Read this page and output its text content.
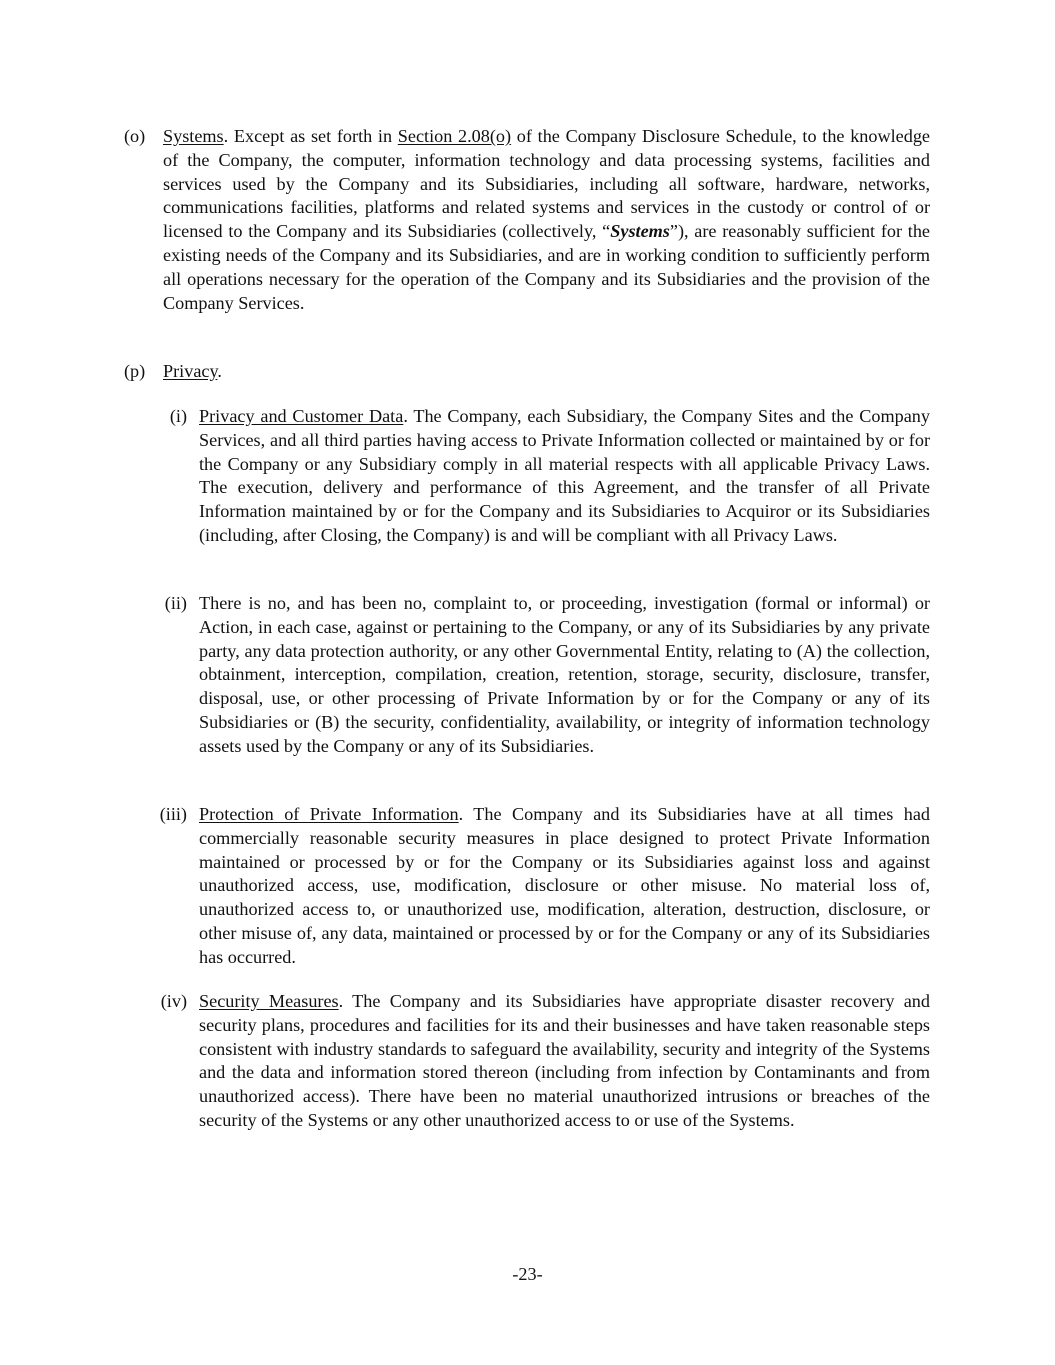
(o) Systems. Except as set forth in Section 2.08(o) of the Company Disclosure Schedule, to the knowledge of the Company, the computer, information technology and data processing systems, facilities and services used by the Company and its Subsidiaries, including all software, hardware, networks, communications facilities, platforms and related systems and services in the custody or control of or licensed to the Company and its Subsidiaries (collectively, “Systems”), are reasonably sufficient for the existing needs of the Company and its Subsidiaries, and are in working condition to sufficiently perform all operations necessary for the operation of the Company and its Subsidiaries and the provision of the Company Services.
(p) Privacy.
(i) Privacy and Customer Data. The Company, each Subsidiary, the Company Sites and the Company Services, and all third parties having access to Private Information collected or maintained by or for the Company or any Subsidiary comply in all material respects with all applicable Privacy Laws. The execution, delivery and performance of this Agreement, and the transfer of all Private Information maintained by or for the Company and its Subsidiaries to Acquiror or its Subsidiaries (including, after Closing, the Company) is and will be compliant with all Privacy Laws.
(ii) There is no, and has been no, complaint to, or proceeding, investigation (formal or informal) or Action, in each case, against or pertaining to the Company, or any of its Subsidiaries by any private party, any data protection authority, or any other Governmental Entity, relating to (A) the collection, obtainment, interception, compilation, creation, retention, storage, security, disclosure, transfer, disposal, use, or other processing of Private Information by or for the Company or any of its Subsidiaries or (B) the security, confidentiality, availability, or integrity of information technology assets used by the Company or any of its Subsidiaries.
(iii) Protection of Private Information. The Company and its Subsidiaries have at all times had commercially reasonable security measures in place designed to protect Private Information maintained or processed by or for the Company or its Subsidiaries against loss and against unauthorized access, use, modification, disclosure or other misuse. No material loss of, unauthorized access to, or unauthorized use, modification, alteration, destruction, disclosure, or other misuse of, any data, maintained or processed by or for the Company or any of its Subsidiaries has occurred.
(iv) Security Measures. The Company and its Subsidiaries have appropriate disaster recovery and security plans, procedures and facilities for its and their businesses and have taken reasonable steps consistent with industry standards to safeguard the availability, security and integrity of the Systems and the data and information stored thereon (including from infection by Contaminants and from unauthorized access). There have been no material unauthorized intrusions or breaches of the security of the Systems or any other unauthorized access to or use of the Systems.
-23-
